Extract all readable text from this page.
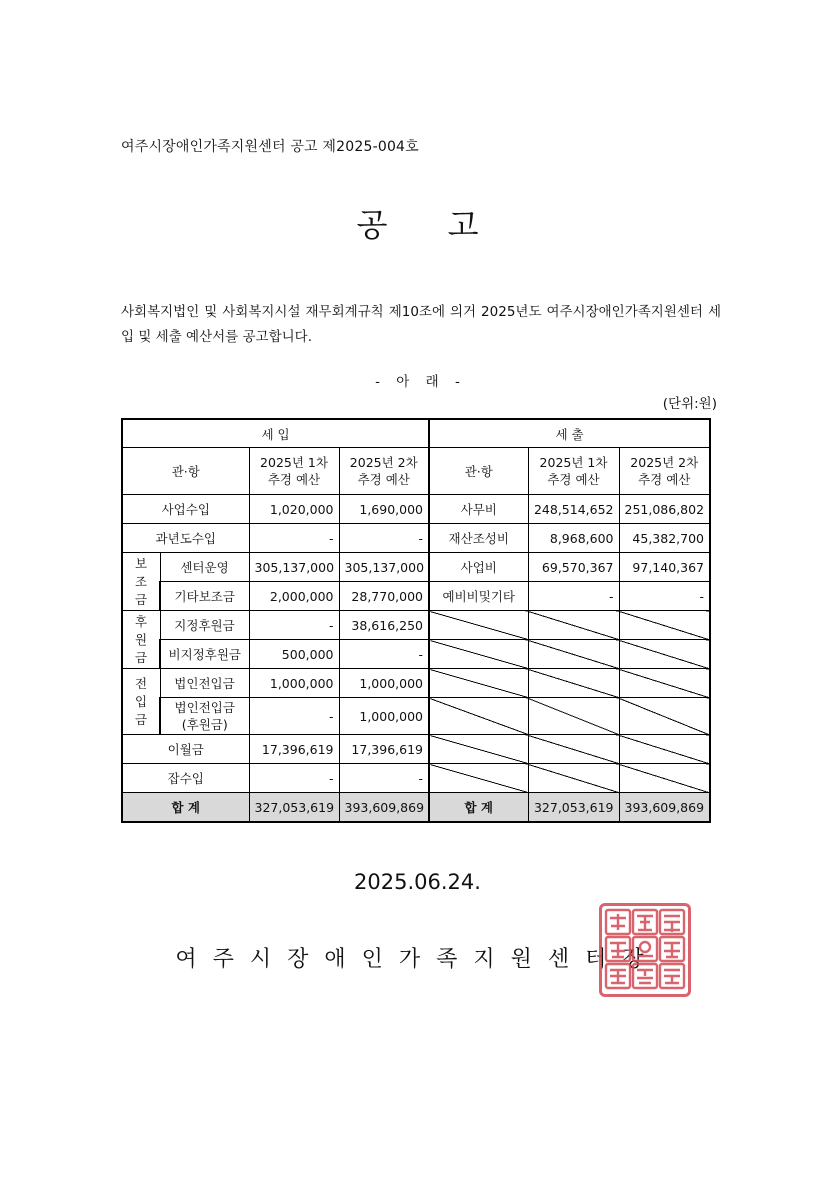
여주시장애인가족지원센터 공고 제2025-004호
공 고
사회복지법인 및 사회복지시설 재무회계규칙 제10조에 의거 2025년도 여주시장애인가족지원센터 세입 및 세출 예산서를 공고합니다.
- 아 래 -
(단위:원)
세 입				세 출		
관·항		2025년 1차 추경 예산	2025년 2차 추경 예산	관·항	2025년 1차 추경 예산	2025년 2차 추경 예산
사업수입		1,020,000	1,690,000	사무비	248,514,652	251,086,802
과년도수입		-	-	재산조성비	8,968,600	45,382,700
보
조
금	센터운영	305,137,000	305,137,000	사업비	69,570,367	97,140,367
	기타보조금	2,000,000	28,770,000	예비비및기타	-	-
후
원
금	지정후원금	-	38,616,250			
	비지정후원금	500,000	-			
전
입
금	법인전입금	1,000,000	1,000,000			
	법인전입금 (후원금)	-	1,000,000			
이월금		17,396,619	17,396,619			
잡수입		-	-			
합 계		327,053,619	393,609,869	합 계	327,053,619	393,609,869
2025.06.24.
여주시장애인가족지원센터장
